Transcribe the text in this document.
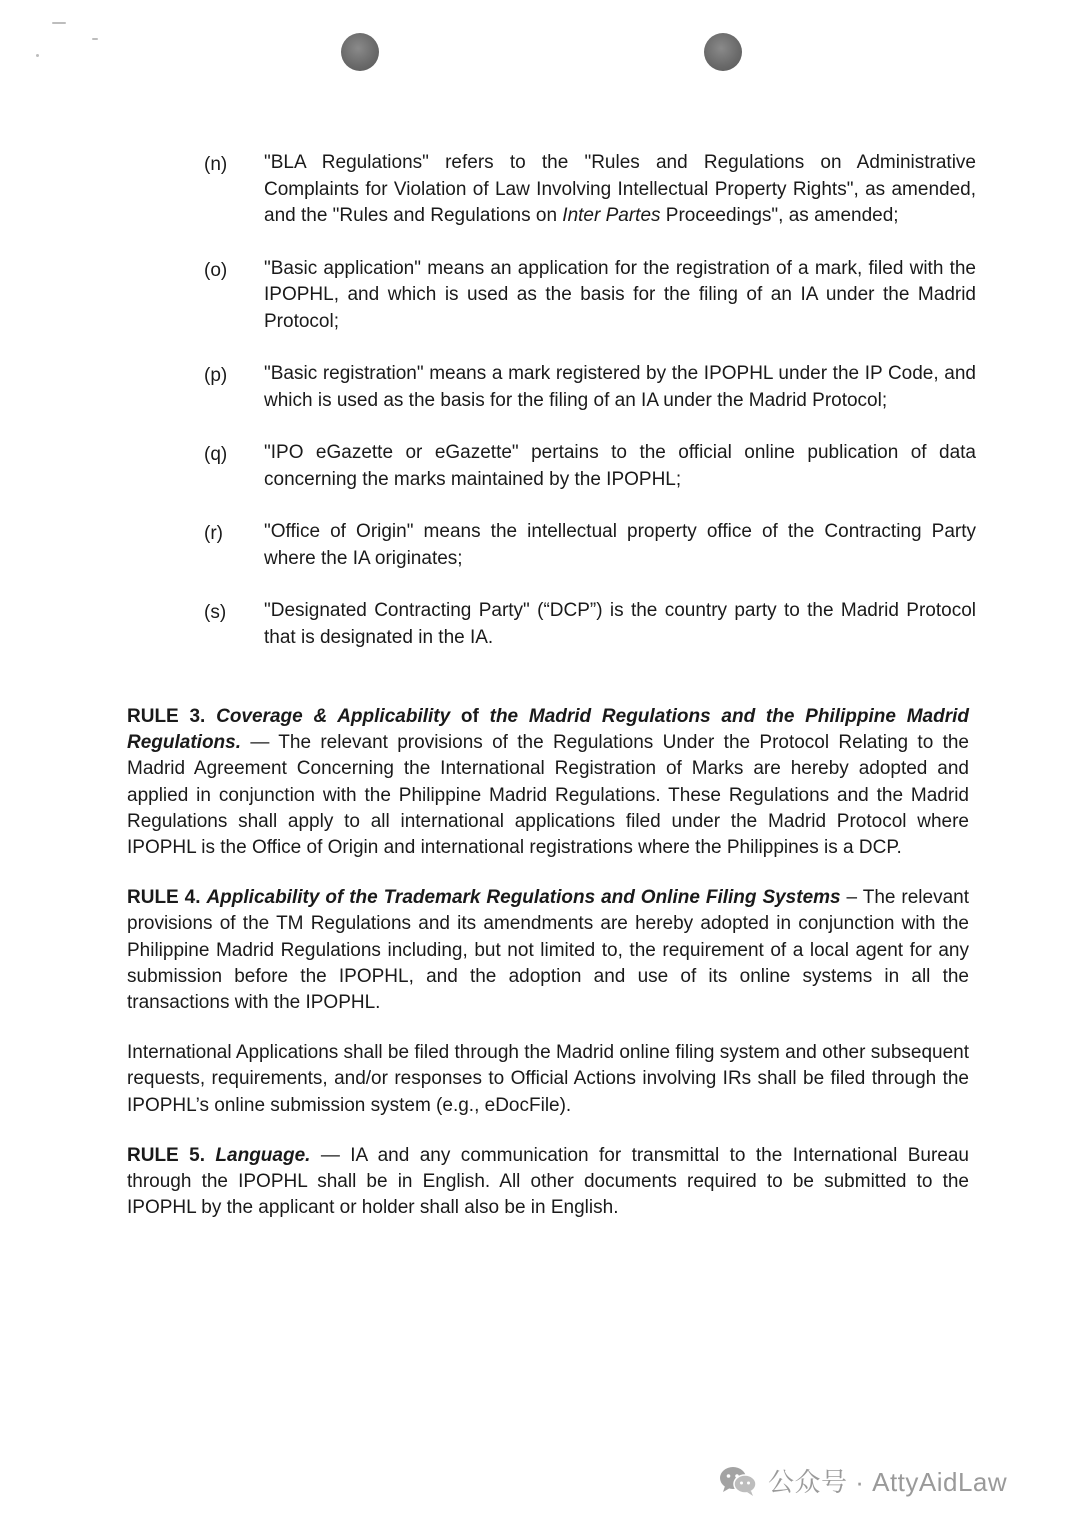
(n)	"BLA Regulations" refers to the "Rules and Regulations on Administrative Complaints for Violation of Law Involving Intellectual Property Rights", as amended, and the "Rules and Regulations on Inter Partes Proceedings", as amended;
(o)	"Basic application" means an application for the registration of a mark, filed with the IPOPHL, and which is used as the basis for the filing of an IA under the Madrid Protocol;
(p)	"Basic registration" means a mark registered by the IPOPHL under the IP Code, and which is used as the basis for the filing of an IA under the Madrid Protocol;
(q)	"IPO eGazette or eGazette" pertains to the official online publication of data concerning the marks maintained by the IPOPHL;
(r)	"Office of Origin" means the intellectual property office of the Contracting Party where the IA originates;
(s)	"Designated Contracting Party" (“DCP”) is the country party to the Madrid Protocol that is designated in the IA.

RULE 3. Coverage & Applicability of the Madrid Regulations and the Philippine Madrid Regulations. — The relevant provisions of the Regulations Under the Protocol Relating to the Madrid Agreement Concerning the International Registration of Marks are hereby adopted and applied in conjunction with the Philippine Madrid Regulations. These Regulations and the Madrid Regulations shall apply to all international applications filed under the Madrid Protocol where IPOPHL is the Office of Origin and international registrations where the Philippines is a DCP.

RULE 4. Applicability of the Trademark Regulations and Online Filing Systems – The relevant provisions of the TM Regulations and its amendments are hereby adopted in conjunction with the Philippine Madrid Regulations including, but not limited to, the requirement of a local agent for any submission before the IPOPHL, and the adoption and use of its online systems in all the transactions with the IPOPHL.

International Applications shall be filed through the Madrid online filing system and other subsequent requests, requirements, and/or responses to Official Actions involving IRs shall be filed through the IPOPHL’s online submission system (e.g., eDocFile).

RULE 5. Language. — IA and any communication for transmittal to the International Bureau through the IPOPHL shall be in English. All other documents required to be submitted to the IPOPHL by the applicant or holder shall also be in English.

公众号 · AttyAidLaw
